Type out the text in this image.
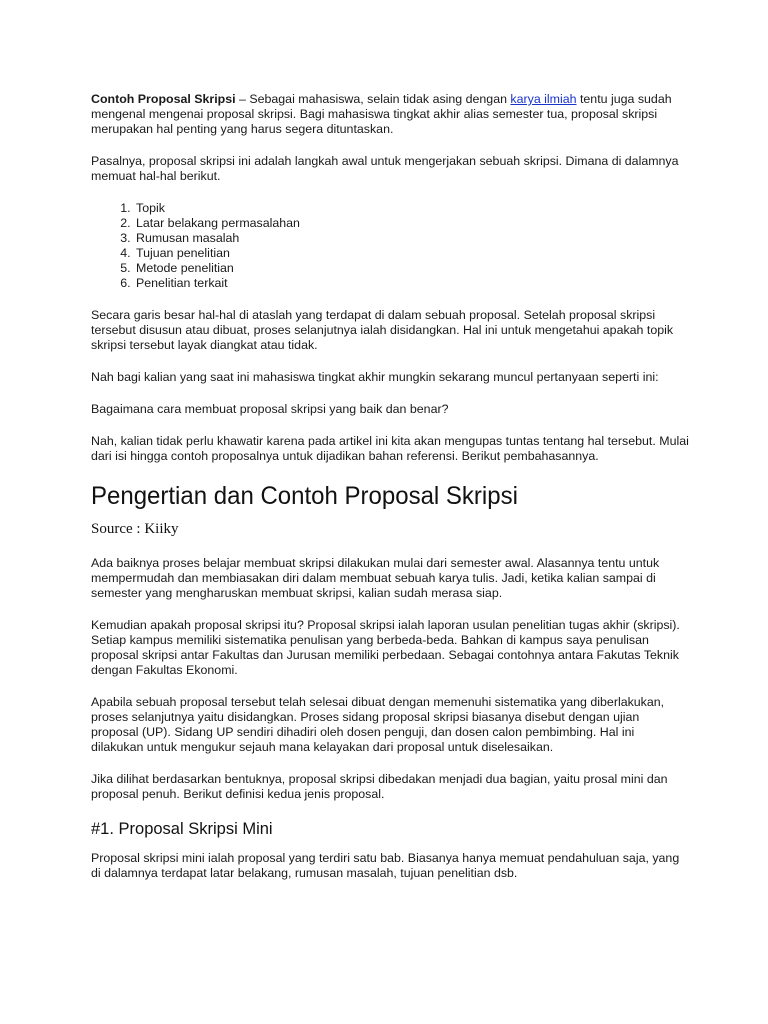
Contoh Proposal Skripsi – Sebagai mahasiswa, selain tidak asing dengan karya ilmiah tentu juga sudah mengenal mengenai proposal skripsi. Bagi mahasiswa tingkat akhir alias semester tua, proposal skripsi merupakan hal penting yang harus segera dituntaskan.

Pasalnya, proposal skripsi ini adalah langkah awal untuk mengerjakan sebuah skripsi. Dimana di dalamnya memuat hal-hal berikut.

1. Topik
2. Latar belakang permasalahan
3. Rumusan masalah
4. Tujuan penelitian
5. Metode penelitian
6. Penelitian terkait

Secara garis besar hal-hal di ataslah yang terdapat di dalam sebuah proposal. Setelah proposal skripsi tersebut disusun atau dibuat, proses selanjutnya ialah disidangkan. Hal ini untuk mengetahui apakah topik skripsi tersebut layak diangkat atau tidak.

Nah bagi kalian yang saat ini mahasiswa tingkat akhir mungkin sekarang muncul pertanyaan seperti ini:

Bagaimana cara membuat proposal skripsi yang baik dan benar?

Nah, kalian tidak perlu khawatir karena pada artikel ini kita akan mengupas tuntas tentang hal tersebut. Mulai dari isi hingga contoh proposalnya untuk dijadikan bahan referensi. Berikut pembahasannya.

Pengertian dan Contoh Proposal Skripsi
Source : Kiiky

Ada baiknya proses belajar membuat skripsi dilakukan mulai dari semester awal. Alasannya tentu untuk mempermudah dan membiasakan diri dalam membuat sebuah karya tulis. Jadi, ketika kalian sampai di semester yang mengharuskan membuat skripsi, kalian sudah merasa siap.

Kemudian apakah proposal skripsi itu? Proposal skripsi ialah laporan usulan penelitian tugas akhir (skripsi). Setiap kampus memiliki sistematika penulisan yang berbeda-beda. Bahkan di kampus saya penulisan proposal skripsi antar Fakultas dan Jurusan memiliki perbedaan. Sebagai contohnya antara Fakutas Teknik dengan Fakultas Ekonomi.

Apabila sebuah proposal tersebut telah selesai dibuat dengan memenuhi sistematika yang diberlakukan, proses selanjutnya yaitu disidangkan. Proses sidang proposal skripsi biasanya disebut dengan ujian proposal (UP). Sidang UP sendiri dihadiri oleh dosen penguji, dan dosen calon pembimbing. Hal ini dilakukan untuk mengukur sejauh mana kelayakan dari proposal untuk diselesaikan.

Jika dilihat berdasarkan bentuknya, proposal skripsi dibedakan menjadi dua bagian, yaitu prosal mini dan proposal penuh. Berikut definisi kedua jenis proposal.

#1. Proposal Skripsi Mini

Proposal skripsi mini ialah proposal yang terdiri satu bab. Biasanya hanya memuat pendahuluan saja, yang di dalamnya terdapat latar belakang, rumusan masalah, tujuan penelitian dsb.
